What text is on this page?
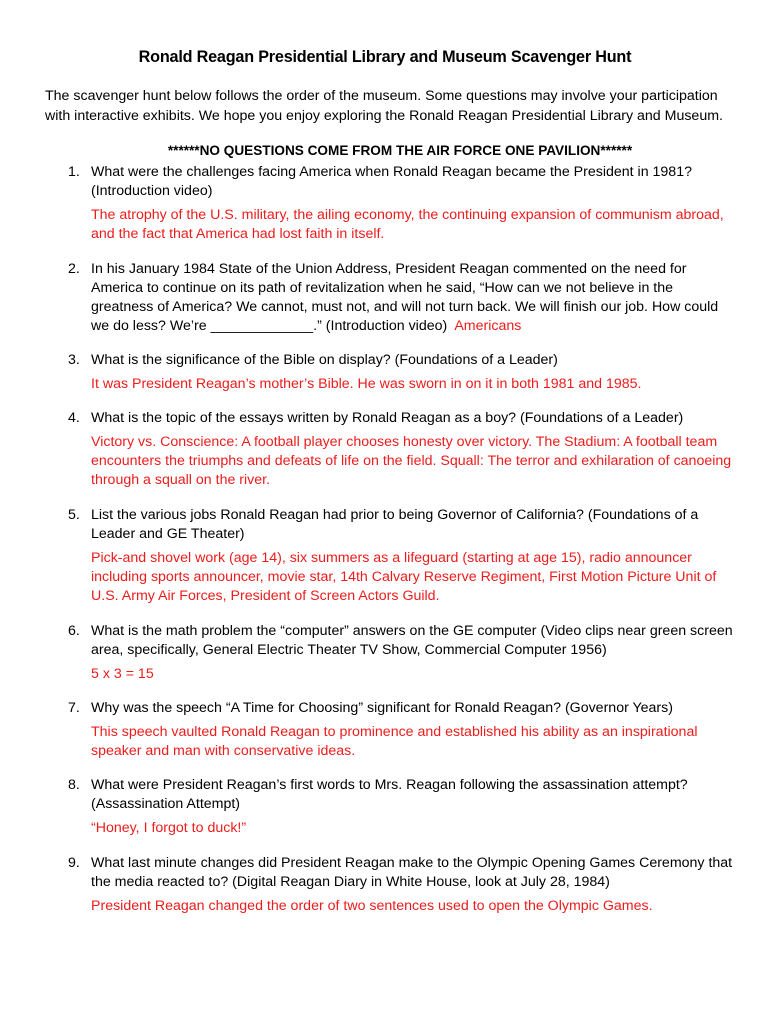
Ronald Reagan Presidential Library and Museum Scavenger Hunt
The scavenger hunt below follows the order of the museum. Some questions may involve your participation with interactive exhibits. We hope you enjoy exploring the Ronald Reagan Presidential Library and Museum.
******NO QUESTIONS COME FROM THE AIR FORCE ONE PAVILION******
1. What were the challenges facing America when Ronald Reagan became the President in 1981? (Introduction video)
The atrophy of the U.S. military, the ailing economy, the continuing expansion of communism abroad, and the fact that America had lost faith in itself.
2. In his January 1984 State of the Union Address, President Reagan commented on the need for America to continue on its path of revitalization when he said, “How can we not believe in the greatness of America? We cannot, must not, and will not turn back. We will finish our job. How could we do less? We’re _____________.” (Introduction video) Americans
3. What is the significance of the Bible on display? (Foundations of a Leader)
It was President Reagan’s mother’s Bible. He was sworn in on it in both 1981 and 1985.
4. What is the topic of the essays written by Ronald Reagan as a boy? (Foundations of a Leader)
Victory vs. Conscience: A football player chooses honesty over victory. The Stadium: A football team encounters the triumphs and defeats of life on the field. Squall: The terror and exhilaration of canoeing through a squall on the river.
5. List the various jobs Ronald Reagan had prior to being Governor of California? (Foundations of a Leader and GE Theater)
Pick-and shovel work (age 14), six summers as a lifeguard (starting at age 15), radio announcer including sports announcer, movie star, 14th Calvary Reserve Regiment, First Motion Picture Unit of U.S. Army Air Forces, President of Screen Actors Guild.
6. What is the math problem the “computer” answers on the GE computer (Video clips near green screen area, specifically, General Electric Theater TV Show, Commercial Computer 1956)
5 x 3 = 15
7. Why was the speech “A Time for Choosing” significant for Ronald Reagan? (Governor Years)
This speech vaulted Ronald Reagan to prominence and established his ability as an inspirational speaker and man with conservative ideas.
8. What were President Reagan’s first words to Mrs. Reagan following the assassination attempt? (Assassination Attempt)
“Honey, I forgot to duck!”
9. What last minute changes did President Reagan make to the Olympic Opening Games Ceremony that the media reacted to? (Digital Reagan Diary in White House, look at July 28, 1984)
President Reagan changed the order of two sentences used to open the Olympic Games.
